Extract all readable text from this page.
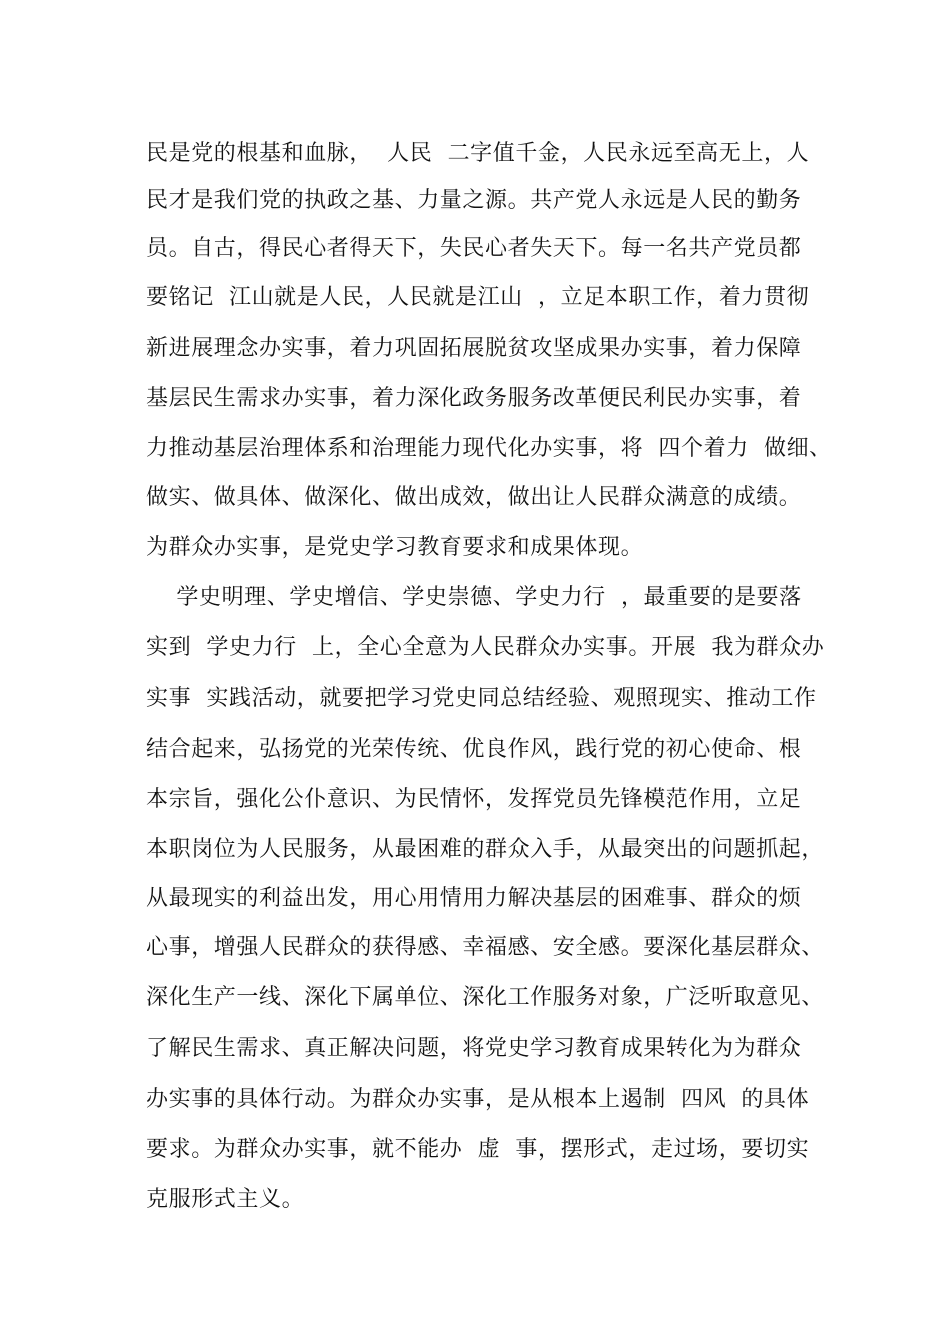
民是党的根基和血脉，  人民  二字值千金，人民永远至高无上，人
民才是我们党的执政之基、力量之源。共产党人永远是人民的勤务
员。自古，得民心者得天下，失民心者失天下。每一名共产党员都
要铭记  江山就是人民，人民就是江山  ，立足本职工作，着力贯彻
新进展理念办实事，着力巩固拓展脱贫攻坚成果办实事，着力保障
基层民生需求办实事，着力深化政务服务改革便民利民办实事，着
力推动基层治理体系和治理能力现代化办实事，将  四个着力  做细、
做实、做具体、做深化、做出成效，做出让人民群众满意的成绩。
为群众办实事，是党史学习教育要求和成果体现。
学史明理、学史增信、学史崇德、学史力行  ，最重要的是要落
实到  学史力行  上，全心全意为人民群众办实事。开展  我为群众办
实事  实践活动，就要把学习党史同总结经验、观照现实、推动工作
结合起来，弘扬党的光荣传统、优良作风，践行党的初心使命、根
本宗旨，强化公仆意识、为民情怀，发挥党员先锋模范作用，立足
本职岗位为人民服务，从最困难的群众入手，从最突出的问题抓起，
从最现实的利益出发，用心用情用力解决基层的困难事、群众的烦
心事，增强人民群众的获得感、幸福感、安全感。要深化基层群众、
深化生产一线、深化下属单位、深化工作服务对象，广泛听取意见、
了解民生需求、真正解决问题，将党史学习教育成果转化为为群众
办实事的具体行动。为群众办实事，是从根本上遏制  四风  的具体
要求。为群众办实事，就不能办  虚  事，摆形式，走过场，要切实
克服形式主义。
